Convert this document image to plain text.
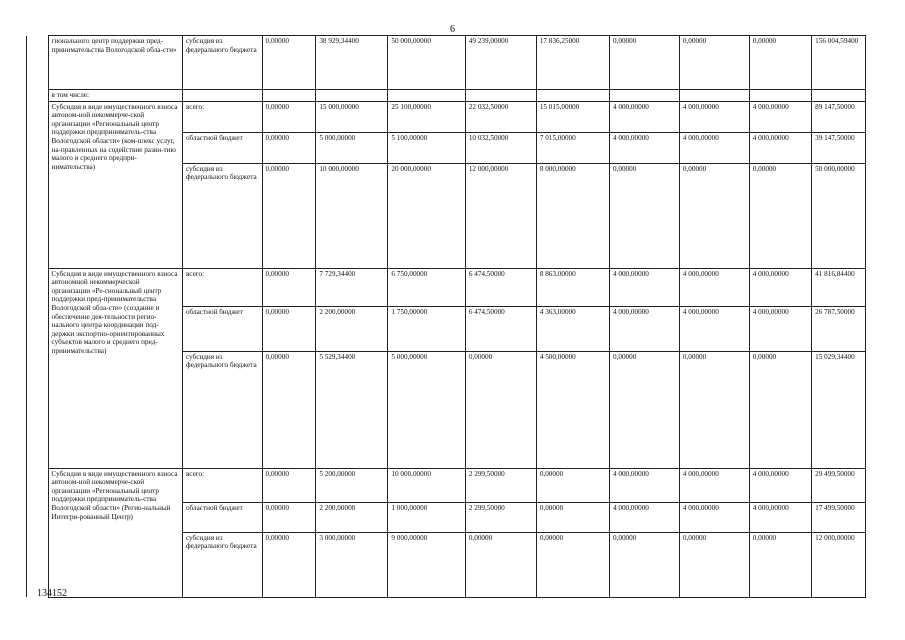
6
	гионального центр поддержки пред-принимательства Вологодской обла-сти»	субсидия из федерального бюджета	0,00000	38 929,34400	50 000,00000	49 239,00000	17 836,25000	0,00000	0,00000	0,00000	156 004,59400
	в том числе:										
	Субсидия в виде имущественного взноса автоном-ной некоммерче-ской организации «Региональный центр поддержки предприниматель-ства Вологодской области» (ком-плекс услуг, на-правленных на содействие разви-тию малого и среднего предпри-нимательства)	всего:	0,00000	15 000,00000	25 100,00000	22 032,50000	15 015,00000	4 000,00000	4 000,00000	4 000,00000	89 147,50000
		областной бюджет	0,00000	5 000,00000	5 100,00000	10 032,50000	7 015,00000	4 000,00000	4 000,00000	4 000,00000	39 147,50000
		субсидия из федерального бюджета	0,00000	10 000,00000	20 000,00000	12 000,00000	8 000,00000	0,00000	0,00000	0,00000	50 000,00000
	Субсидия в виде имущественного взноса автономной некоммерческой организации «Ре-гиональный центр поддержки пред-принимательства Вологодской обла-сти» (создание и обеспечение дея-тельности регио-нального центра координации под-держки экспортно-ориентированных субъектов малого и среднего пред-принимательства)	всего:	0,00000	7 729,34400	6 750,00000	6 474,50000	8 863,00000	4 000,00000	4 000,00000	4 000,00000	41 816,84400
		областной бюджет	0,00000	2 200,00000	1 750,00000	6 474,50000	4 363,00000	4 000,00000	4 000,00000	4 000,00000	26 787,50000
		субсидия из федерального бюджета	0,00000	5 529,34400	5 000,00000	0,00000	4 500,00000	0,00000	0,00000	0,00000	15 029,34400
	Субсидия в виде имущественного взноса автоном-ной некоммерче-ской организации «Региональный центр поддержки предприниматель-ства Вологодской области» (Регио-нальный Интегри-рованный Центр)	всего:	0,00000	5 200,00000	10 000,00000	2 299,50000	0,00000	4 000,00000	4 000,00000	4 000,00000	29 499,50000
		областной бюджет	0,00000	2 200,00000	1 000,00000	2 299,50000	0,00000	4 000,00000	4 000,00000	4 000,00000	17 499,50000
		субсидия из федерального бюджета	0,00000	3 000,00000	9 000,00000	0,00000	0,00000	0,00000	0,00000	0,00000	12 000,00000
134152
